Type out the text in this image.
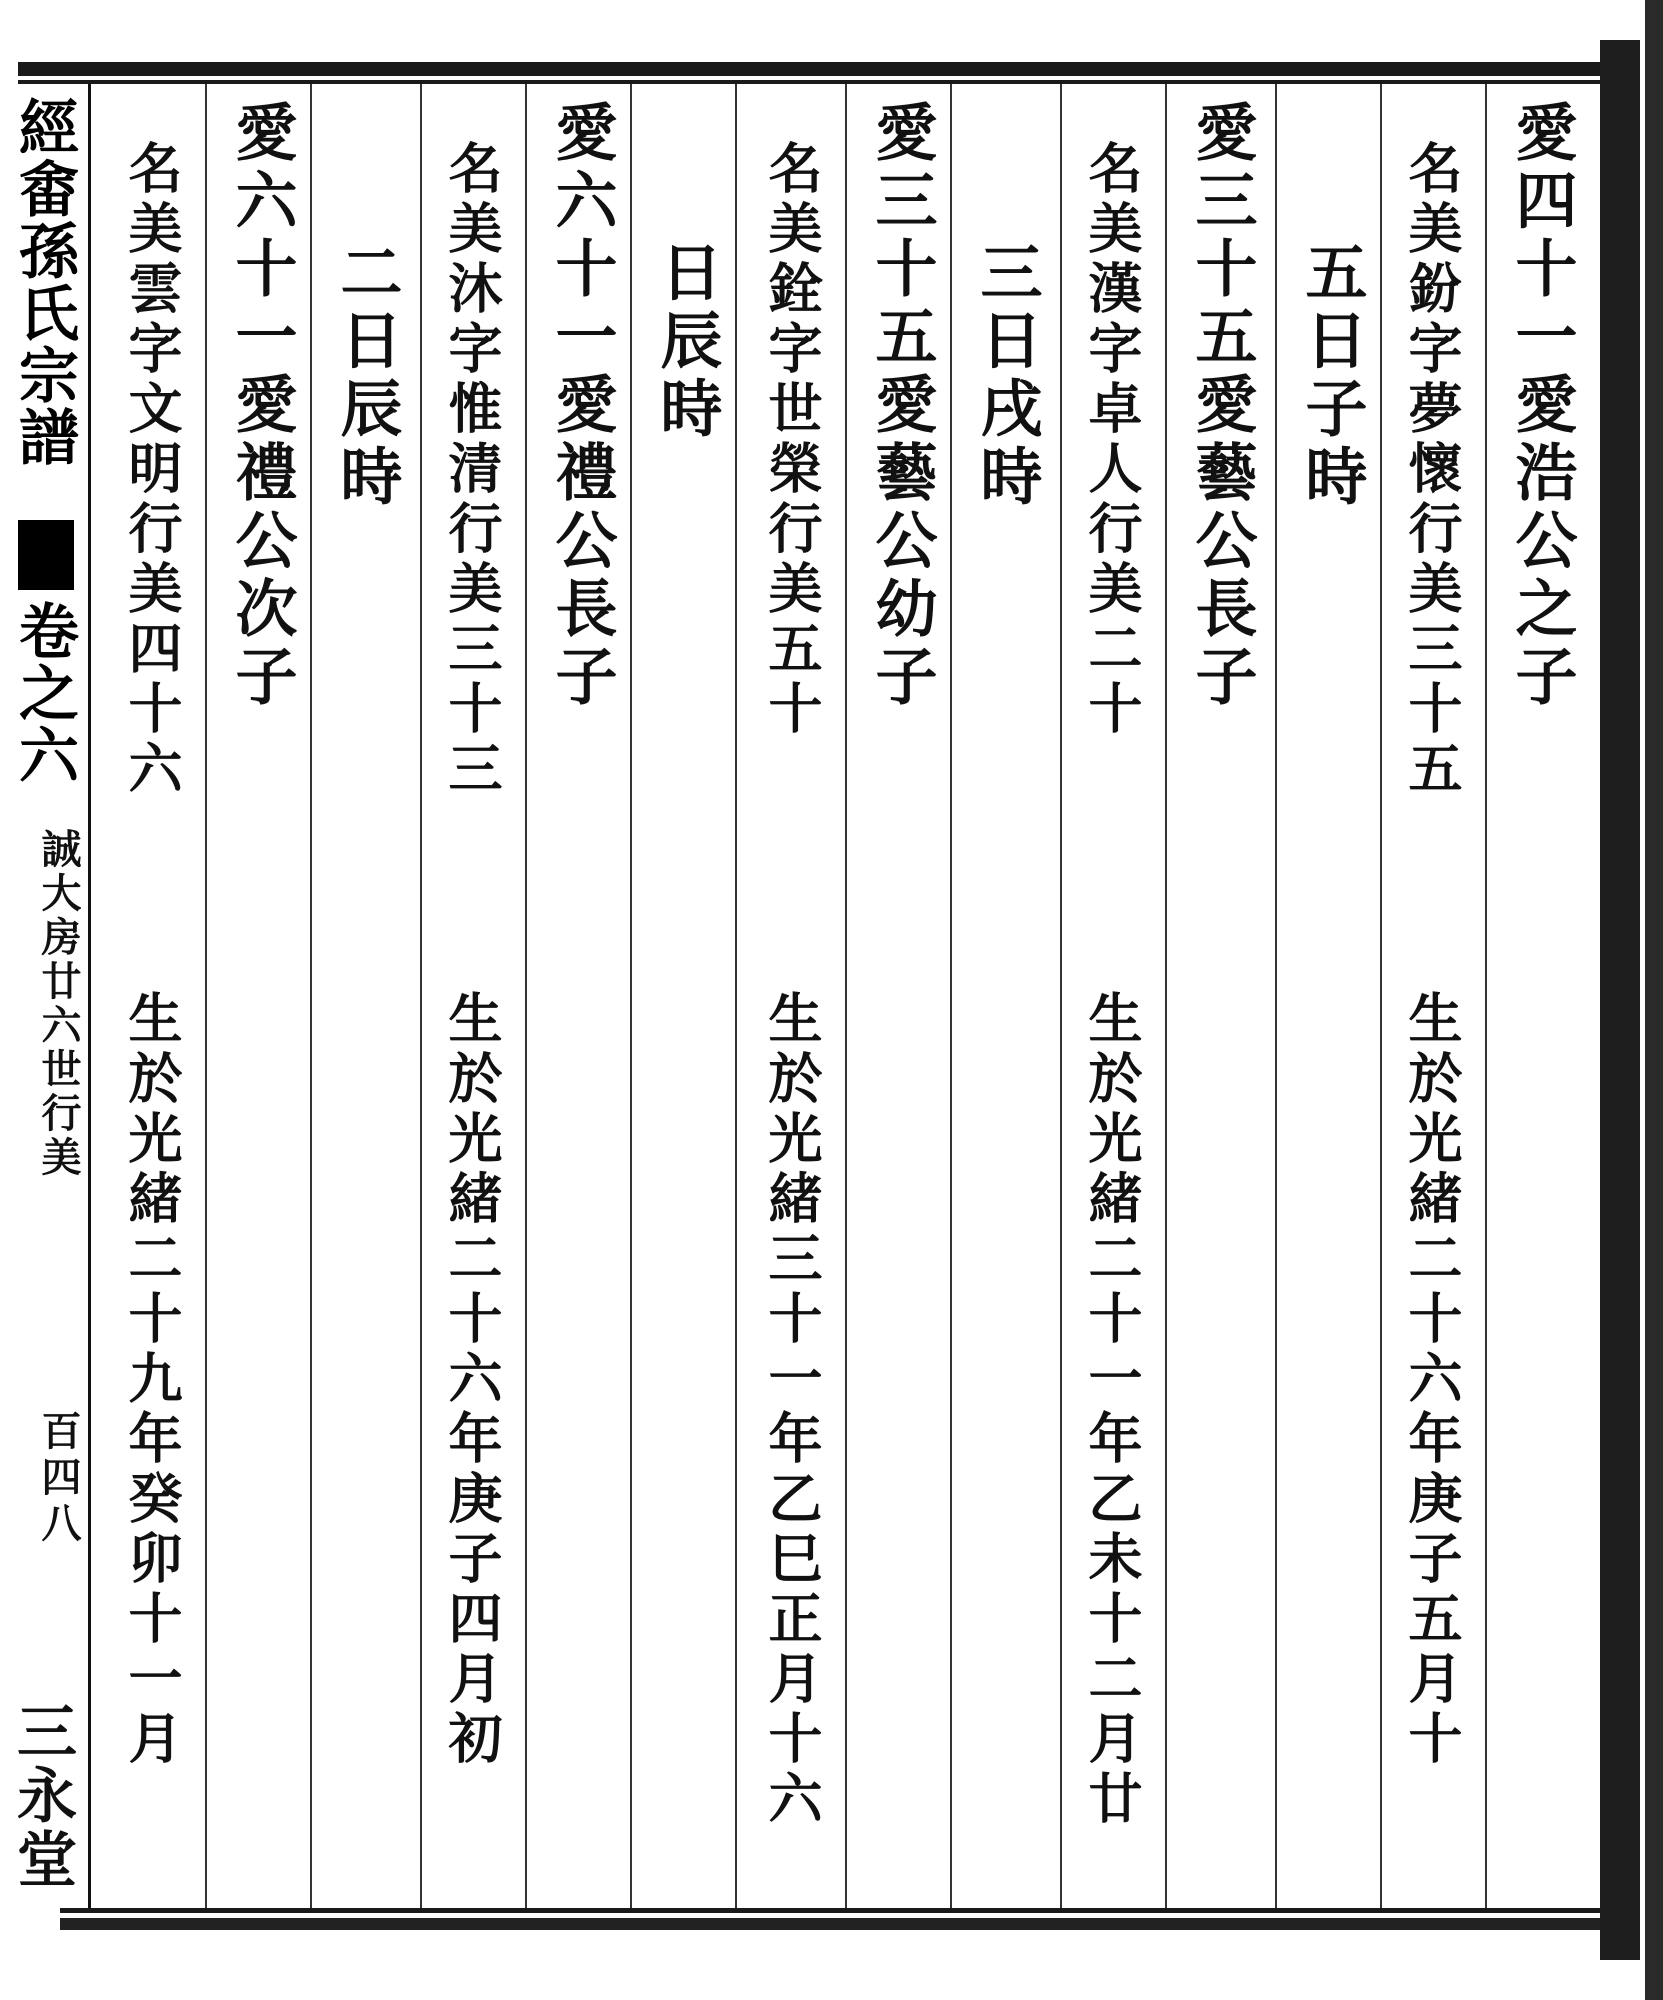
經畬孫氏宗譜
卷之六
誠大房廿六世行美
百四八
三永堂
愛四十一愛浩公之子
名美鈖字夢懷行美三十五
生於光緒二十六年庚子五月十
五日子時
愛三十五愛藝公長子
名美漢字卓人行美二十
生於光緒二十一年乙未十二月廿
三日戌時
愛三十五愛藝公幼子
名美銓字世榮行美五十
生於光緒三十一年乙巳正月十六
日辰時
愛六十一愛禮公長子
名美沐字惟清行美三十三
生於光緒二十六年庚子四月初
二日辰時
愛六十一愛禮公次子
名美雲字文明行美四十六
生於光緒二十九年癸卯十一月
